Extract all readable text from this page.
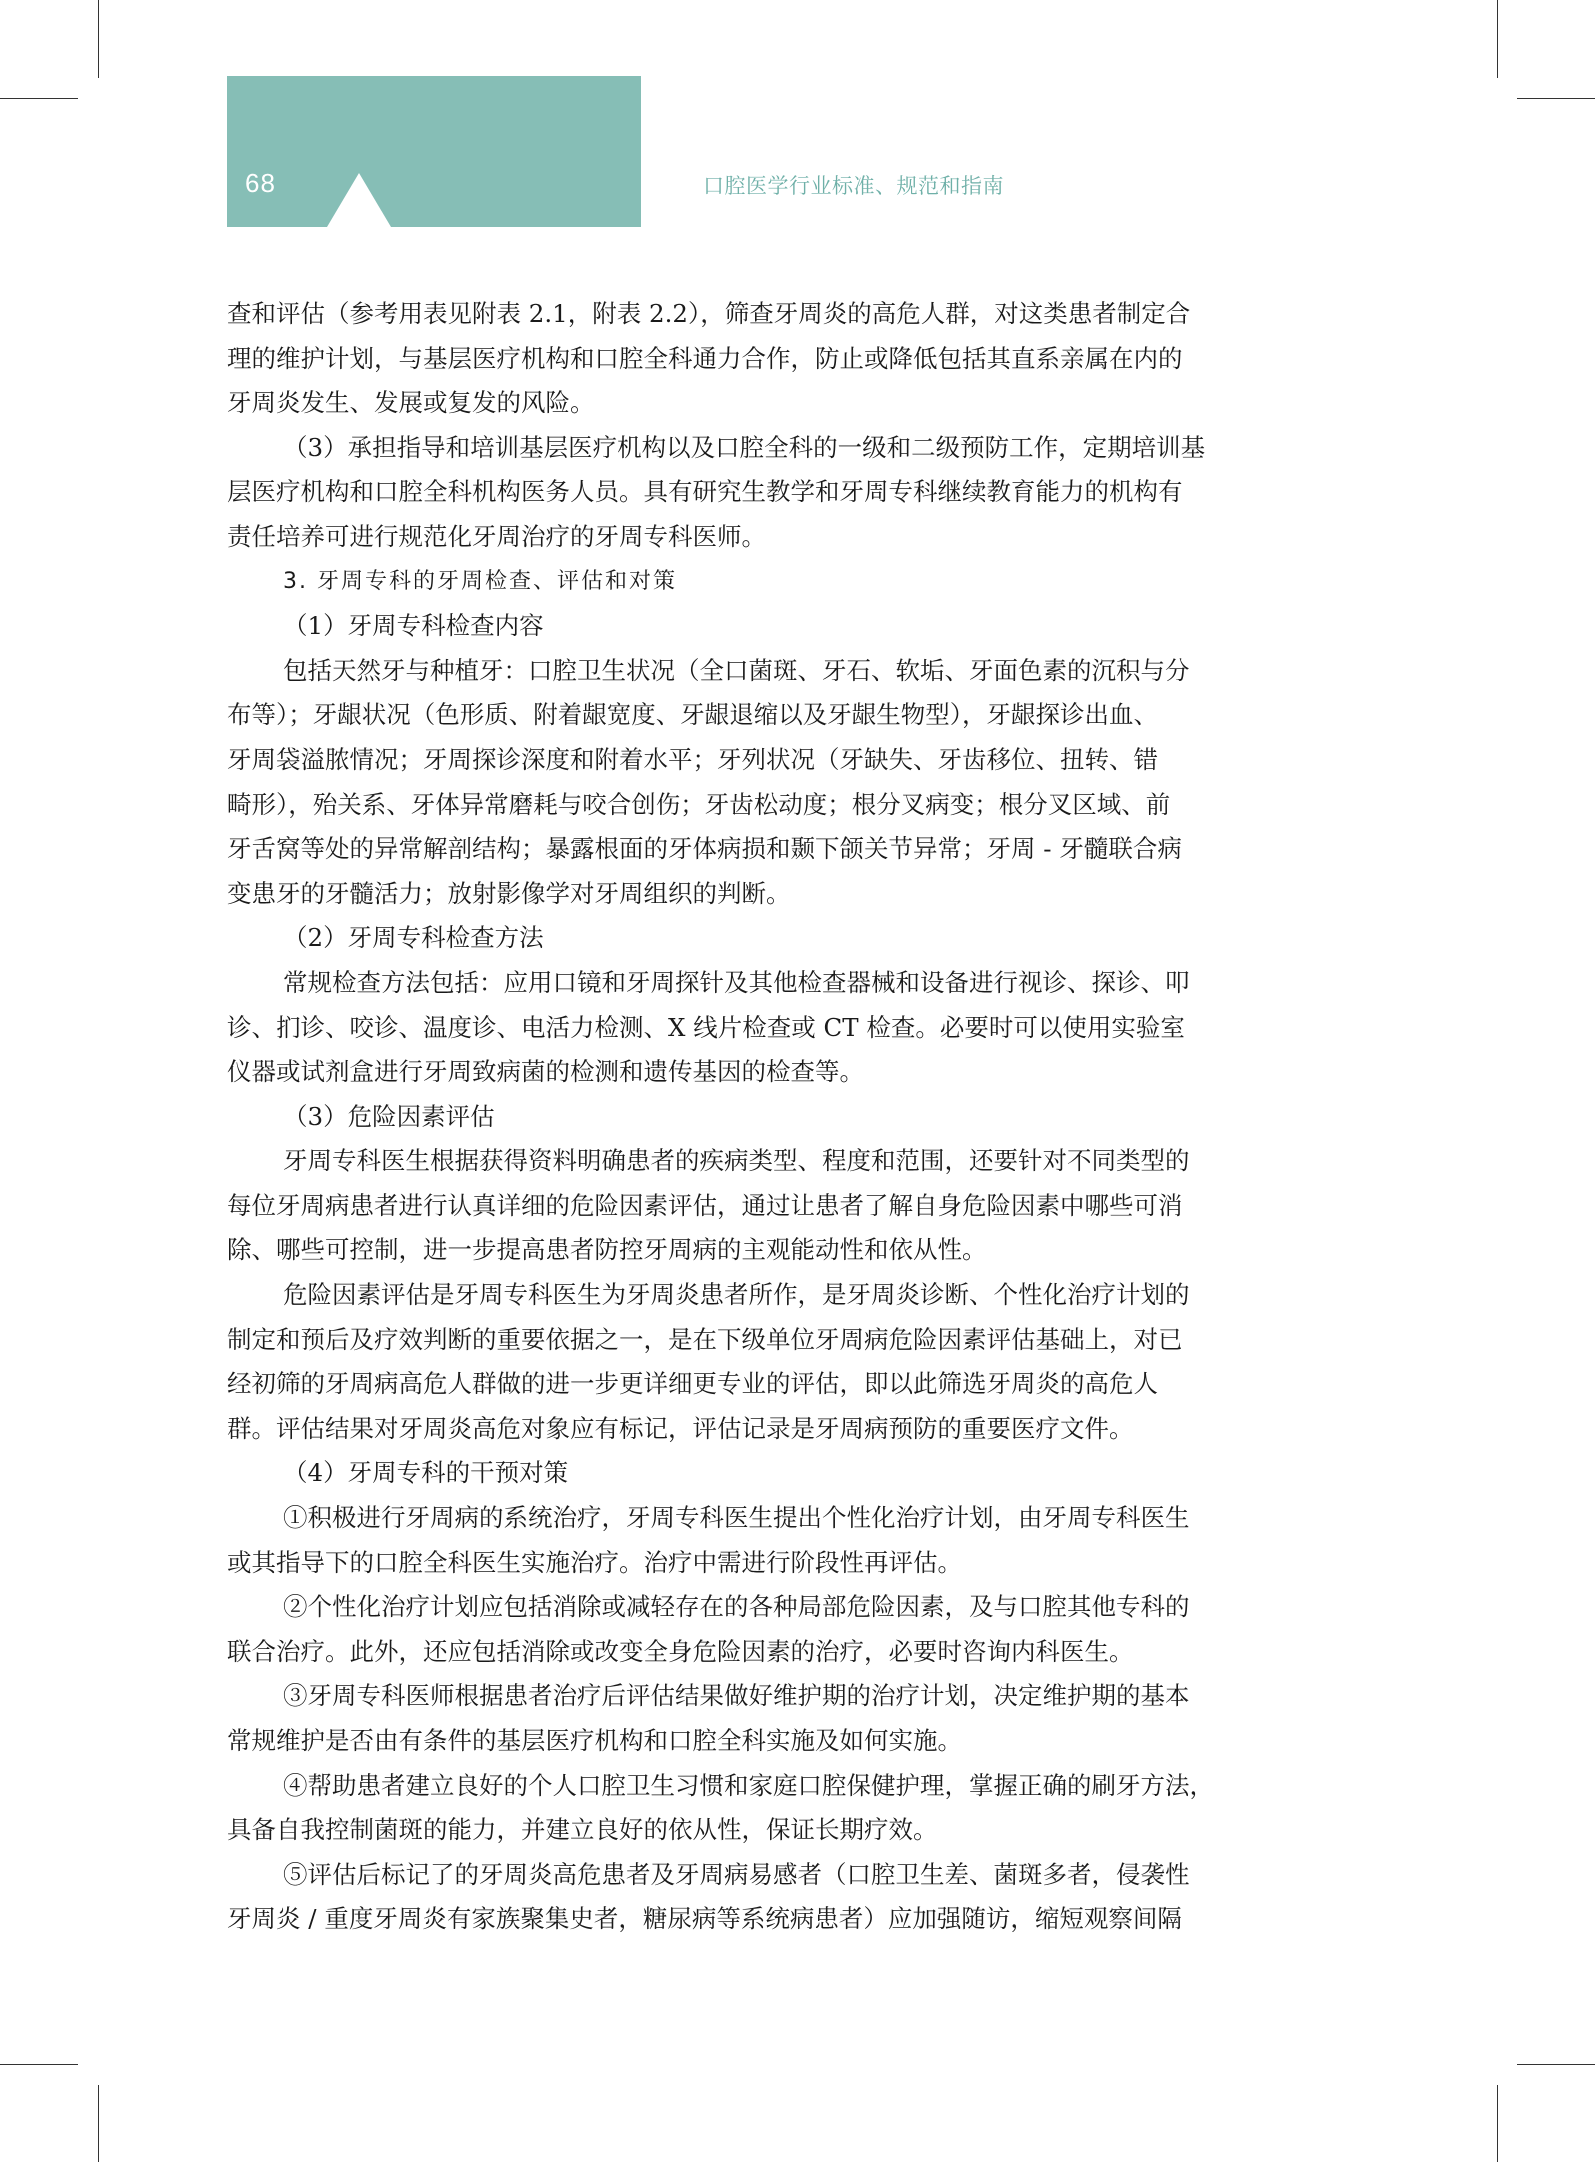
68	口腔医学行业标准、规范和指南

查和评估（参考用表见附表 2.1，附表 2.2），筛查牙周炎的高危人群，对这类患者制定合

理的维护计划，与基层医疗机构和口腔全科通力合作，防止或降低包括其直系亲属在内的

牙周炎发生、发展或复发的风险。

（3）承担指导和培训基层医疗机构以及口腔全科的一级和二级预防工作，定期培训基

层医疗机构和口腔全科机构医务人员。具有研究生教学和牙周专科继续教育能力的机构有

责任培养可进行规范化牙周治疗的牙周专科医师。

3. 牙周专科的牙周检查、评估和对策

（1）牙周专科检查内容

包括天然牙与种植牙：口腔卫生状况（全口菌斑、牙石、软垢、牙面色素的沉积与分

布等）；牙龈状况（色形质、附着龈宽度、牙龈退缩以及牙龈生物型），牙龈探诊出血、

牙周袋溢脓情况；牙周探诊深度和附着水平；牙列状况（牙缺失、牙齿移位、扭转、错

畸形），殆关系、牙体异常磨耗与咬合创伤；牙齿松动度；根分叉病变；根分叉区域、前

牙舌窝等处的异常解剖结构；暴露根面的牙体病损和颞下颌关节异常；牙周 - 牙髓联合病

变患牙的牙髓活力；放射影像学对牙周组织的判断。

（2）牙周专科检查方法

常规检查方法包括：应用口镜和牙周探针及其他检查器械和设备进行视诊、探诊、叩

诊、扪诊、咬诊、温度诊、电活力检测、X 线片检查或 CT 检查。必要时可以使用实验室

仪器或试剂盒进行牙周致病菌的检测和遗传基因的检查等。

（3）危险因素评估

牙周专科医生根据获得资料明确患者的疾病类型、程度和范围，还要针对不同类型的

每位牙周病患者进行认真详细的危险因素评估，通过让患者了解自身危险因素中哪些可消

除、哪些可控制，进一步提高患者防控牙周病的主观能动性和依从性。

危险因素评估是牙周专科医生为牙周炎患者所作，是牙周炎诊断、个性化治疗计划的

制定和预后及疗效判断的重要依据之一，是在下级单位牙周病危险因素评估基础上，对已

经初筛的牙周病高危人群做的进一步更详细更专业的评估，即以此筛选牙周炎的高危人

群。评估结果对牙周炎高危对象应有标记，评估记录是牙周病预防的重要医疗文件。

（4）牙周专科的干预对策

①积极进行牙周病的系统治疗，牙周专科医生提出个性化治疗计划，由牙周专科医生

或其指导下的口腔全科医生实施治疗。治疗中需进行阶段性再评估。

②个性化治疗计划应包括消除或减轻存在的各种局部危险因素，及与口腔其他专科的

联合治疗。此外，还应包括消除或改变全身危险因素的治疗，必要时咨询内科医生。

③牙周专科医师根据患者治疗后评估结果做好维护期的治疗计划，决定维护期的基本

常规维护是否由有条件的基层医疗机构和口腔全科实施及如何实施。

④帮助患者建立良好的个人口腔卫生习惯和家庭口腔保健护理，掌握正确的刷牙方法，

具备自我控制菌斑的能力，并建立良好的依从性，保证长期疗效。

⑤评估后标记了的牙周炎高危患者及牙周病易感者（口腔卫生差、菌斑多者，侵袭性

牙周炎 / 重度牙周炎有家族聚集史者，糖尿病等系统病患者）应加强随访，缩短观察间隔
